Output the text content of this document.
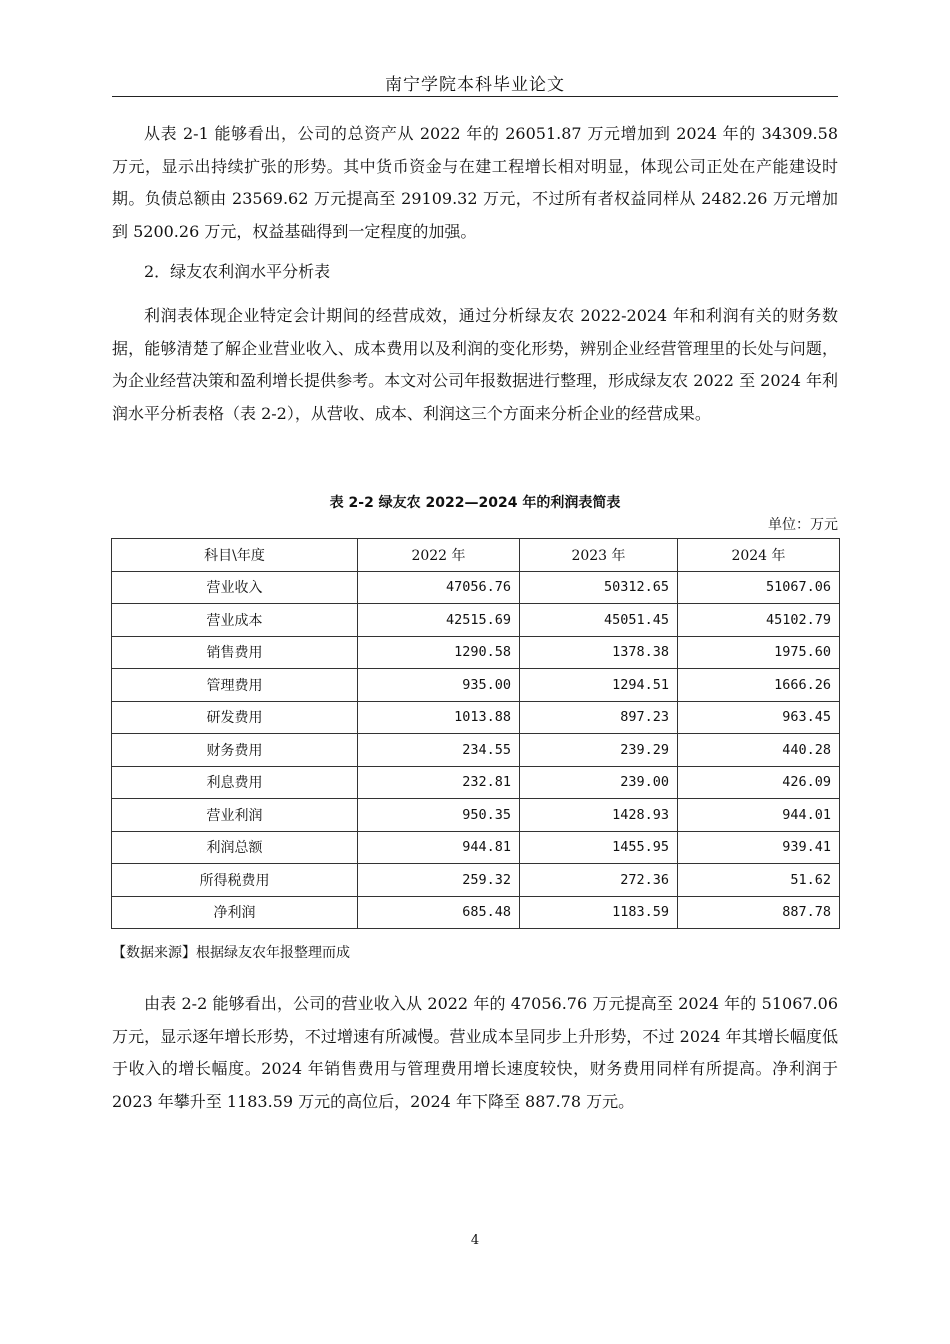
南宁学院本科毕业论文

从表 2-1 能够看出，公司的总资产从 2022 年的 26051.87 万元增加到 2024 年的 34309.58 万元，显示出持续扩张的形势。其中货币资金与在建工程增长相对明显，体现公司正处在产能建设时期。负债总额由 23569.62 万元提高至 29109.32 万元，不过所有者权益同样从 2482.26 万元增加到 5200.26 万元，权益基础得到一定程度的加强。

2．绿友农利润水平分析表

利润表体现企业特定会计期间的经营成效，通过分析绿友农 2022-2024 年和利润有关的财务数据，能够清楚了解企业营业收入、成本费用以及利润的变化形势，辨别企业经营管理里的长处与问题，为企业经营决策和盈利增长提供参考。本文对公司年报数据进行整理，形成绿友农 2022 至 2024 年利润水平分析表格（表 2-2），从营收、成本、利润这三个方面来分析企业的经营成果。

表 2-2 绿友农 2022—2024 年的利润表简表
单位：万元
科目\年度	2022 年	2023 年	2024 年
营业收入	47056.76	50312.65	51067.06
营业成本	42515.69	45051.45	45102.79
销售费用	1290.58	1378.38	1975.60
管理费用	935.00	1294.51	1666.26
研发费用	1013.88	897.23	963.45
财务费用	234.55	239.29	440.28
利息费用	232.81	239.00	426.09
营业利润	950.35	1428.93	944.01
利润总额	944.81	1455.95	939.41
所得税费用	259.32	272.36	51.62
净利润	685.48	1183.59	887.78
【数据来源】根据绿友农年报整理而成

由表 2-2 能够看出，公司的营业收入从 2022 年的 47056.76 万元提高至 2024 年的 51067.06 万元，显示逐年增长形势，不过增速有所减慢。营业成本呈同步上升形势，不过 2024 年其增长幅度低于收入的增长幅度。2024 年销售费用与管理费用增长速度较快，财务费用同样有所提高。净利润于 2023 年攀升至 1183.59 万元的高位后，2024 年下降至 887.78 万元。

4
